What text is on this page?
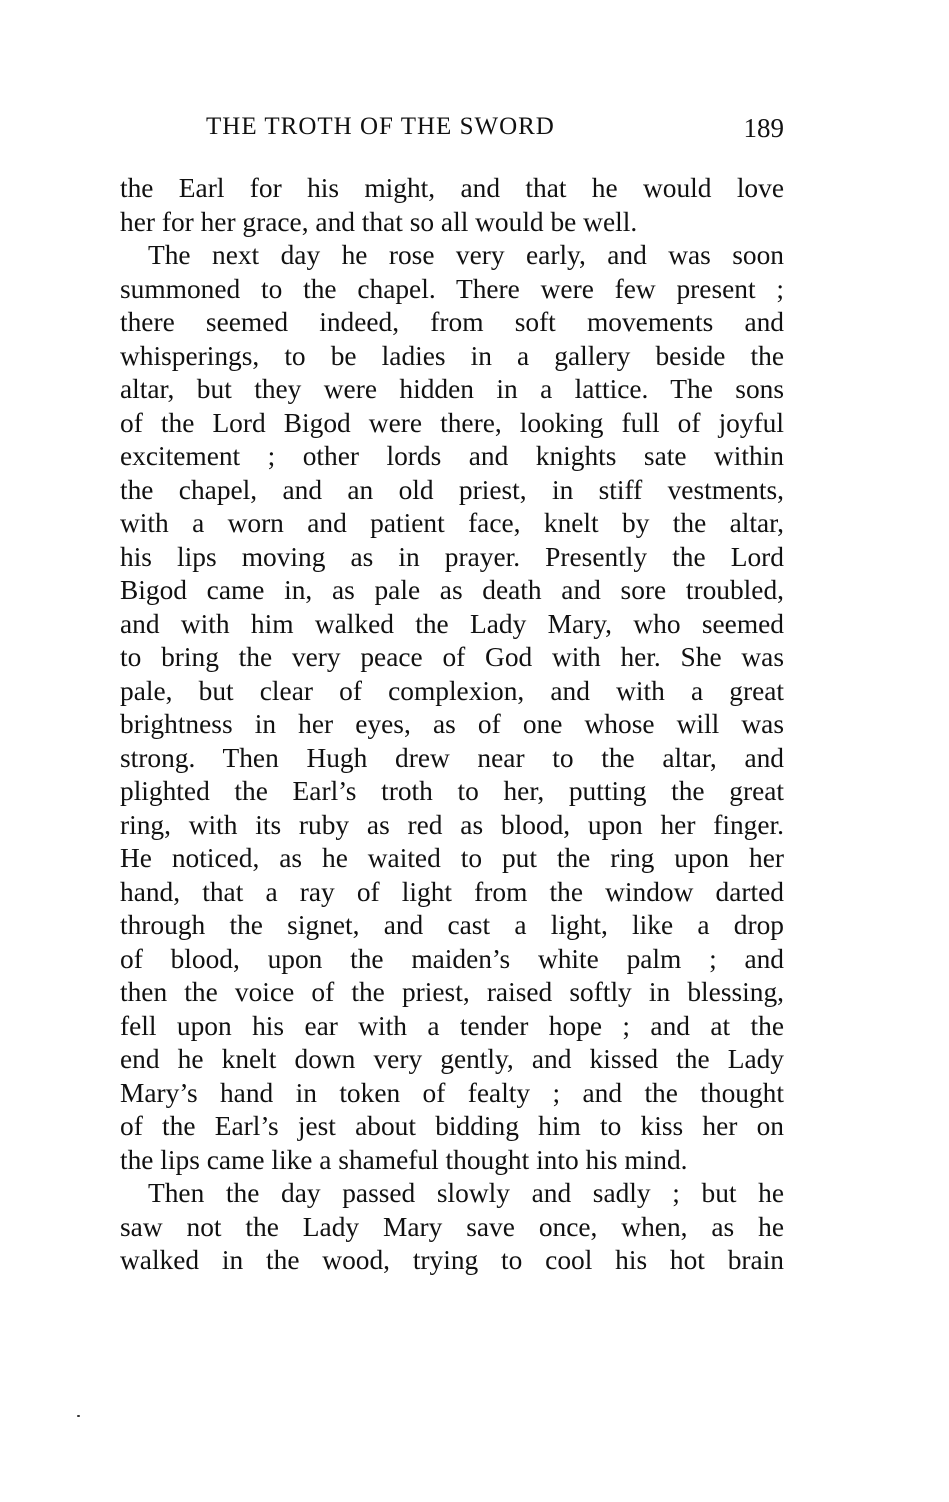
THE TROTH OF THE SWORD	189
the Earl for his might, and that he would love
her for her grace, and that so all would be well.
The next day he rose very early, and was soon
summoned to the chapel. There were few present ;
there seemed indeed, from soft movements and
whisperings, to be ladies in a gallery beside the
altar, but they were hidden in a lattice. The sons
of the Lord Bigod were there, looking full of joyful
excitement ; other lords and knights sate within
the chapel, and an old priest, in stiff vestments,
with a worn and patient face, knelt by the altar,
his lips moving as in prayer. Presently the Lord
Bigod came in, as pale as death and sore troubled,
and with him walked the Lady Mary, who seemed
to bring the very peace of God with her. She was
pale, but clear of complexion, and with a great
brightness in her eyes, as of one whose will was
strong. Then Hugh drew near to the altar, and
plighted the Earl’s troth to her, putting the great
ring, with its ruby as red as blood, upon her finger.
He noticed, as he waited to put the ring upon her
hand, that a ray of light from the window darted
through the signet, and cast a light, like a drop
of blood, upon the maiden’s white palm ; and
then the voice of the priest, raised softly in blessing,
fell upon his ear with a tender hope ; and at the
end he knelt down very gently, and kissed the Lady
Mary’s hand in token of fealty ; and the thought
of the Earl’s jest about bidding him to kiss her on
the lips came like a shameful thought into his mind.
Then the day passed slowly and sadly ; but he
saw not the Lady Mary save once, when, as he
walked in the wood, trying to cool his hot brain
